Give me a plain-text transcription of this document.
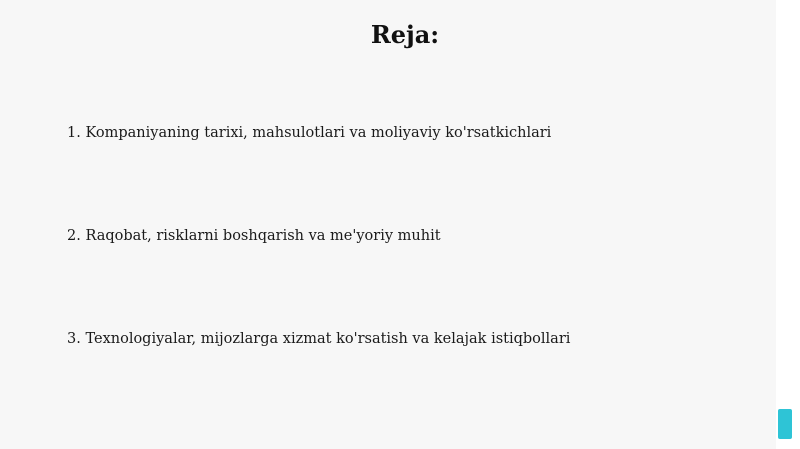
Reja:
1. Kompaniyaning tarixi, mahsulotlari va moliyaviy ko'rsatkichlari
2. Raqobat, risklarni boshqarish va me'yoriy muhit
3. Texnologiyalar, mijozlarga xizmat ko'rsatish va kelajak istiqbollari
